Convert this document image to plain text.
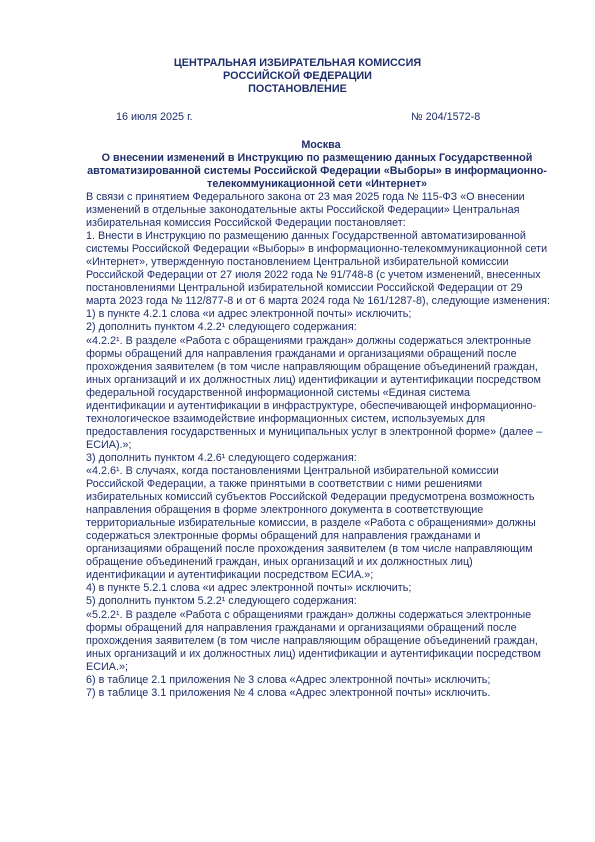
ЦЕНТРАЛЬНАЯ ИЗБИРАТЕЛЬНАЯ КОМИССИЯ
РОССИЙСКОЙ ФЕДЕРАЦИИ
ПОСТАНОВЛЕНИЕ
16 июля 2025 г.	№ 204/1572-8
Москва
О внесении изменений в Инструкцию по размещению данных Государственной автоматизированной системы Российской Федерации «Выборы» в информационно-телекоммуникационной сети «Интернет»

В связи с принятием Федерального закона от 23 мая 2025 года № 115-ФЗ «О внесении изменений в отдельные законодательные акты Российской Федерации» Центральная избирательная комиссия Российской Федерации постановляет:

1. Внести в Инструкцию по размещению данных Государственной автоматизированной системы Российской Федерации «Выборы» в информационно-телекоммуникационной сети «Интернет», утвержденную постановлением Центральной избирательной комиссии Российской Федерации от 27 июля 2022 года № 91/748-8 (с учетом изменений, внесенных постановлениями Центральной избирательной комиссии Российской Федерации от 29 марта 2023 года № 112/877-8 и от 6 марта 2024 года № 161/1287-8), следующие изменения:

1) в пункте 4.2.1 слова «и адрес электронной почты» исключить;

2) дополнить пунктом 4.2.2¹ следующего содержания:

«4.2.2¹. В разделе «Работа с обращениями граждан» должны содержаться электронные формы обращений для направления гражданами и организациями обращений после прохождения заявителем (в том числе направляющим обращение объединений граждан, иных организаций и их должностных лиц) идентификации и аутентификации посредством федеральной государственной информационной системы «Единая система идентификации и аутентификации в инфраструктуре, обеспечивающей информационно-технологическое взаимодействие информационных систем, используемых для предоставления государственных и муниципальных услуг в электронной форме» (далее – ЕСИА).»;

3) дополнить пунктом 4.2.6¹ следующего содержания:

«4.2.6¹. В случаях, когда постановлениями Центральной избирательной комиссии Российской Федерации, а также принятыми в соответствии с ними решениями избирательных комиссий субъектов Российской Федерации предусмотрена возможность направления обращения в форме электронного документа в соответствующие территориальные избирательные комиссии, в разделе «Работа с обращениями» должны содержаться электронные формы обращений для направления гражданами и организациями обращений после прохождения заявителем (в том числе направляющим обращение объединений граждан, иных организаций и их должностных лиц) идентификации и аутентификации посредством ЕСИА.»;

4) в пункте 5.2.1 слова «и адрес электронной почты» исключить;

5) дополнить пунктом 5.2.2¹ следующего содержания:

«5.2.2¹. В разделе «Работа с обращениями граждан» должны содержаться электронные формы обращений для направления гражданами и организациями обращений после прохождения заявителем (в том числе направляющим обращение объединений граждан, иных организаций и их должностных лиц) идентификации и аутентификации посредством ЕСИА.»;

6) в таблице 2.1 приложения № 3 слова «Адрес электронной почты» исключить;

7) в таблице 3.1 приложения № 4 слова «Адрес электронной почты» исключить.
